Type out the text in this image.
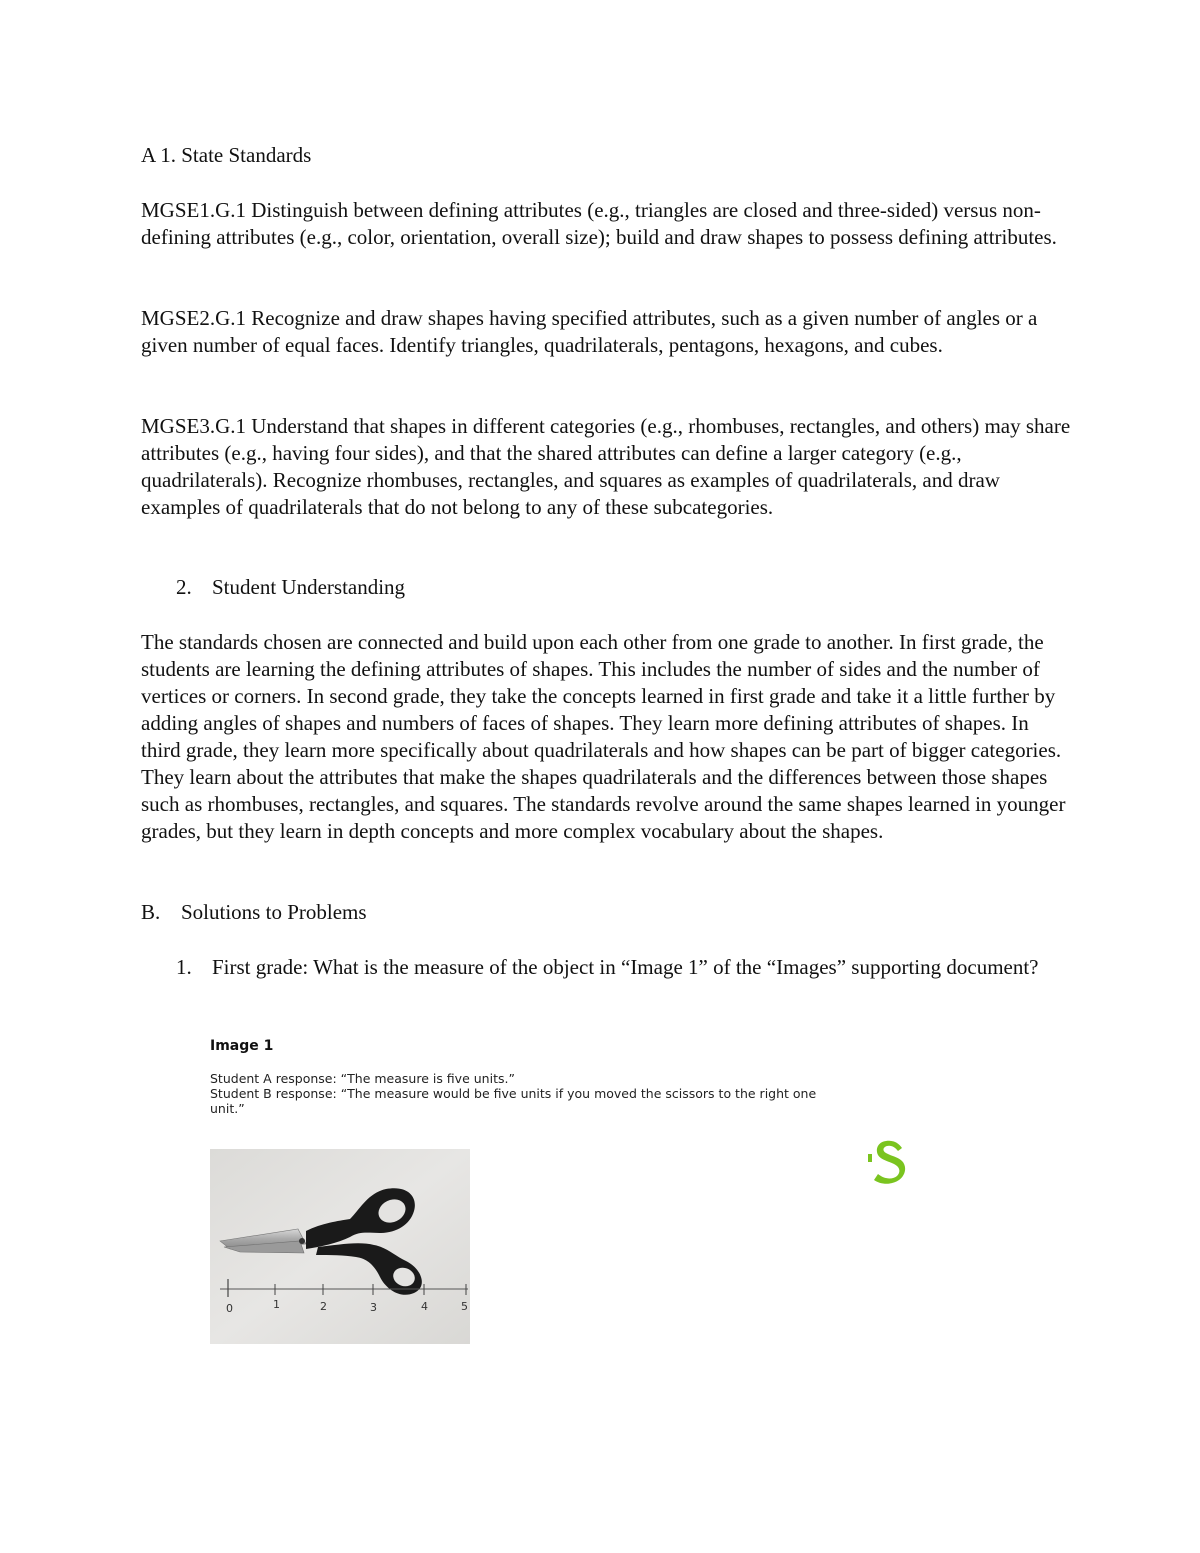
A 1. State Standards
MGSE1.G.1 Distinguish between defining attributes (e.g., triangles are closed and three-sided) versus non-defining attributes (e.g., color, orientation, overall size); build and draw shapes to possess defining attributes.
MGSE2.G.1 Recognize and draw shapes having specified attributes, such as a given number of angles or a given number of equal faces. Identify triangles, quadrilaterals, pentagons, hexagons, and cubes.
MGSE3.G.1 Understand that shapes in different categories (e.g., rhombuses, rectangles, and others) may share attributes (e.g., having four sides), and that the shared attributes can define a larger category (e.g., quadrilaterals). Recognize rhombuses, rectangles, and squares as examples of quadrilaterals, and draw examples of quadrilaterals that do not belong to any of these subcategories.
2. Student Understanding
The standards chosen are connected and build upon each other from one grade to another. In first grade, the students are learning the defining attributes of shapes. This includes the number of sides and the number of vertices or corners. In second grade, they take the concepts learned in first grade and take it a little further by adding angles of shapes and numbers of faces of shapes. They learn more defining attributes of shapes. In third grade, they learn more specifically about quadrilaterals and how shapes can be part of bigger categories. They learn about the attributes that make the shapes quadrilaterals and the differences between those shapes such as rhombuses, rectangles, and squares. The standards revolve around the same shapes learned in younger grades, but they learn in depth concepts and more complex vocabulary about the shapes.
B. Solutions to Problems
1. First grade: What is the measure of the object in “Image 1” of the “Images” supporting document?
Image 1
Student A response: “The measure is five units.”
Student B response: “The measure would be five units if you moved the scissors to the right one unit.”
0	1	2	3	4	5
